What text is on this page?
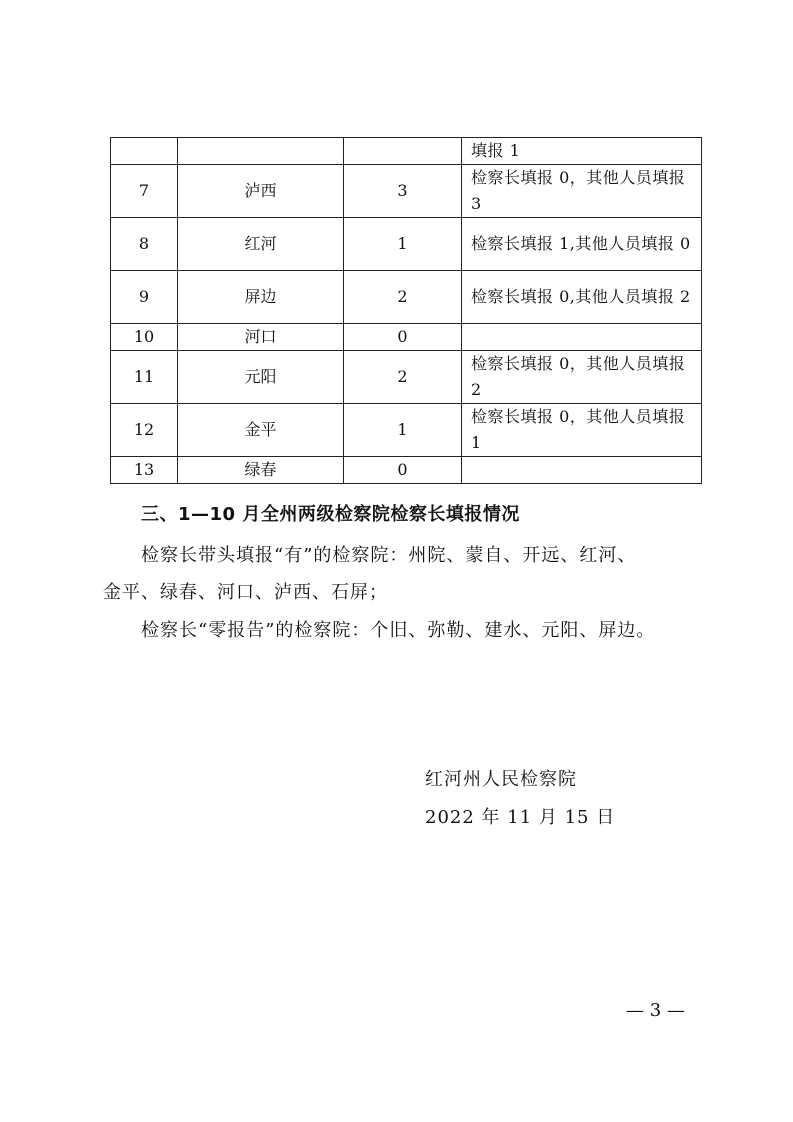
			填报 1
7	泸西	3	检察长填报 0，其他人员填报 3
8	红河	1	检察长填报 1,其他人员填报 0
9	屏边	2	检察长填报 0,其他人员填报 2
10	河口	0	
11	元阳	2	检察长填报 0，其他人员填报 2
12	金平	1	检察长填报 0，其他人员填报 1
13	绿春	0	
三、1—10 月全州两级检察院检察长填报情况
检察长带头填报“有”的检察院：州院、蒙自、开远、红河、
金平、绿春、河口、泸西、石屏；
检察长“零报告”的检察院：个旧、弥勒、建水、元阳、屏边。
红河州人民检察院
2022 年 11 月 15 日
— 3 —
